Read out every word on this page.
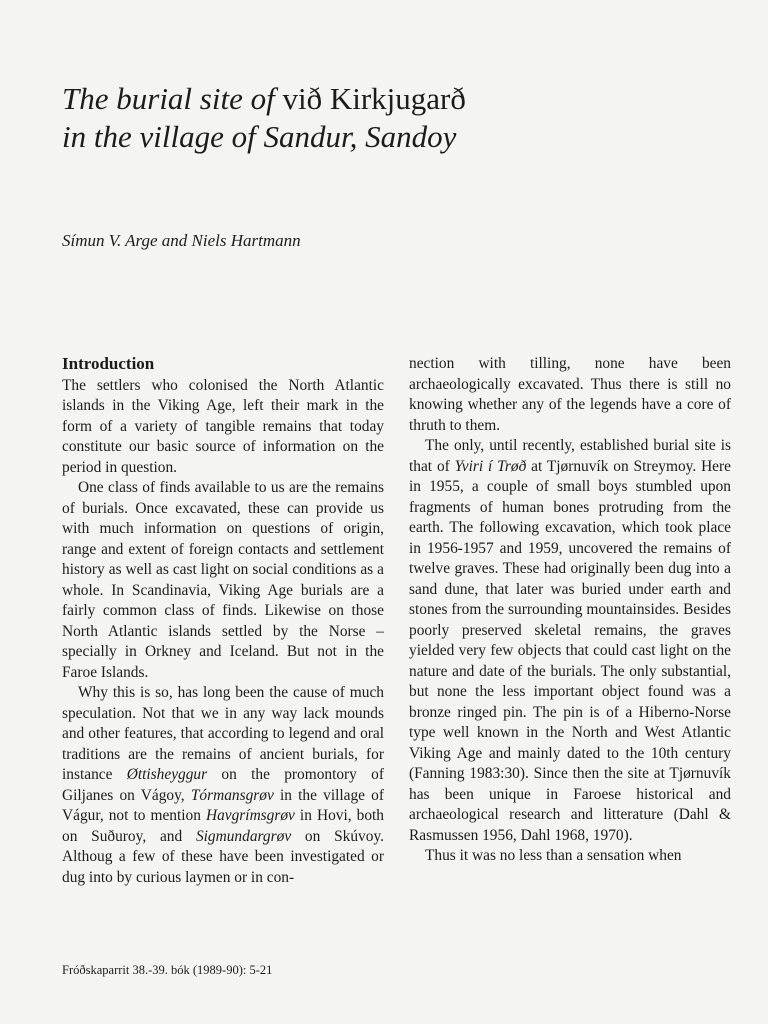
The burial site of við Kirkjugarð
in the village of Sandur, Sandoy

Símun V. Arge and Niels Hartmann

Introduction

The settlers who colonised the North Atlantic islands in the Viking Age, left their mark in the form of a variety of tangible remains that today constitute our basic source of information on the period in question.

One class of finds available to us are the remains of burials. Once excavated, these can provide us with much information on questions of origin, range and extent of foreign contacts and settlement history as well as cast light on social conditions as a whole. In Scandinavia, Viking Age burials are a fairly common class of finds. Likewise on those North Atlantic islands settled by the Norse – specially in Orkney and Iceland. But not in the Faroe Islands.

Why this is so, has long been the cause of much speculation. Not that we in any way lack mounds and other features, that according to legend and oral traditions are the remains of ancient burials, for instance Øttisheyggur on the promontory of Giljanes on Vágoy, Tórmansgrøv in the village of Vágur, not to mention Havgrímsgrøv in Hovi, both on Suðuroy, and Sigmundargrøv on Skúvoy. Althoug a few of these have been investigated or dug into by curious laymen or in con-

nection with tilling, none have been archaeologically excavated. Thus there is still no knowing whether any of the legends have a core of thruth to them.

The only, until recently, established burial site is that of Yviri í Trøð at Tjørnuvík on Streymoy. Here in 1955, a couple of small boys stumbled upon fragments of human bones protruding from the earth. The following excavation, which took place in 1956-1957 and 1959, uncovered the remains of twelve graves. These had originally been dug into a sand dune, that later was buried under earth and stones from the surrounding mountainsides. Besides poorly preserved skeletal remains, the graves yielded very few objects that could cast light on the nature and date of the burials. The only substantial, but none the less important object found was a bronze ringed pin. The pin is of a Hiberno-Norse type well known in the North and West Atlantic Viking Age and mainly dated to the 10th century (Fanning 1983:30). Since then the site at Tjørnuvík has been unique in Faroese historical and archaeological research and litterature (Dahl & Rasmussen 1956, Dahl 1968, 1970).

Thus it was no less than a sensation when

Fróðskaparrit 38.-39. bók (1989-90): 5-21
